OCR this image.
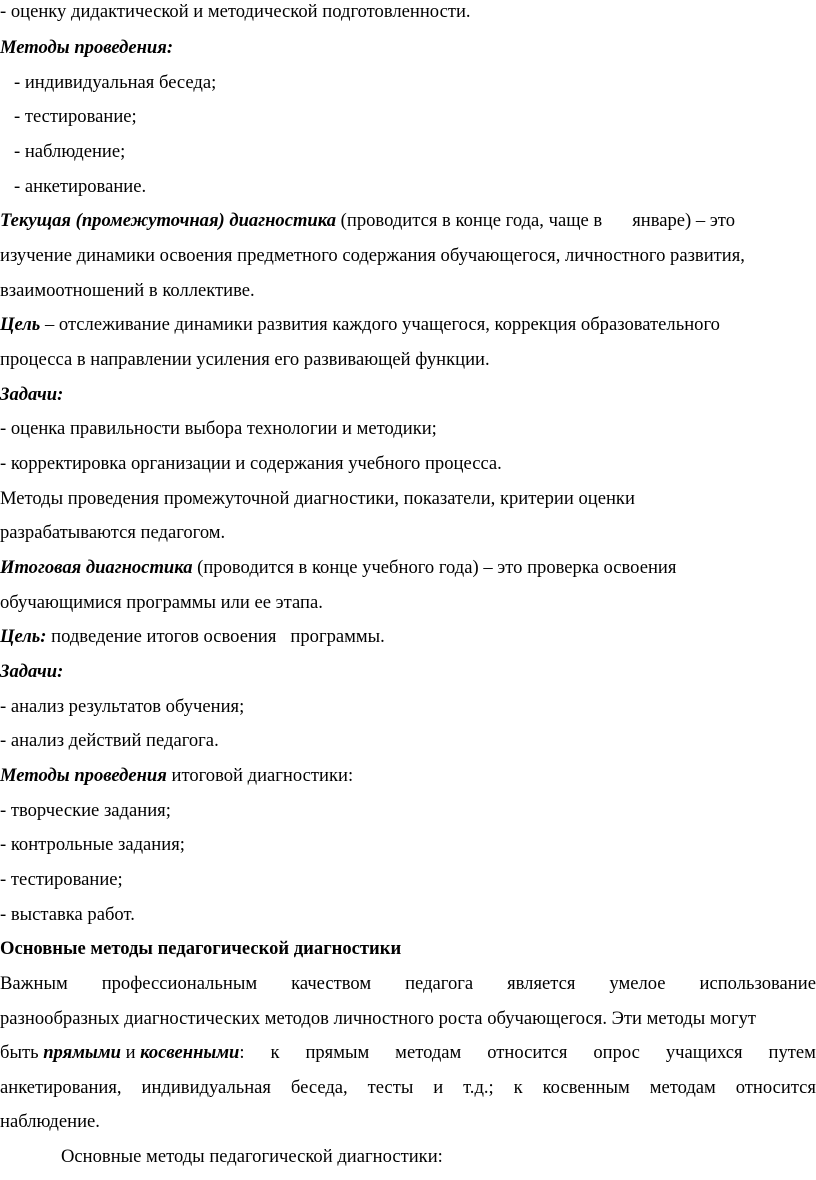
- оценку дидактической и методической подготовленности.
Методы проведения:
- индивидуальная беседа;
- тестирование;
- наблюдение;
- анкетирование.
Текущая (промежуточная) диагностика (проводится в конце года, чаще в январе) – это
изучение динамики освоения предметного содержания обучающегося, личностного развития,
взаимоотношений в коллективе.
Цель – отслеживание динамики развития каждого учащегося, коррекция образовательного
процесса в направлении усиления его развивающей функции.
Задачи:
- оценка правильности выбора технологии и методики;
- корректировка организации и содержания учебного процесса.
Методы проведения промежуточной диагностики, показатели, критерии оценки
разрабатываются педагогом.
Итоговая диагностика (проводится в конце учебного года) – это проверка освоения
обучающимися программы или ее этапа.
Цель: подведение итогов освоения программы.
Задачи:
- анализ результатов обучения;
- анализ действий педагога.
Методы проведения итоговой диагностики:
- творческие задания;
- контрольные задания;
- тестирование;
- выставка работ.
Основные методы педагогической диагностики
Важным профессиональным качеством педагога является умелое использование
разнообразных диагностических методов личностного роста обучающегося. Эти методы могут
быть прямыми и косвенными: к прямым методам относится опрос учащихся путем
анкетирования, индивидуальная беседа, тесты и т.д.; к косвенным методам относится
наблюдение.
Основные методы педагогической диагностики:
